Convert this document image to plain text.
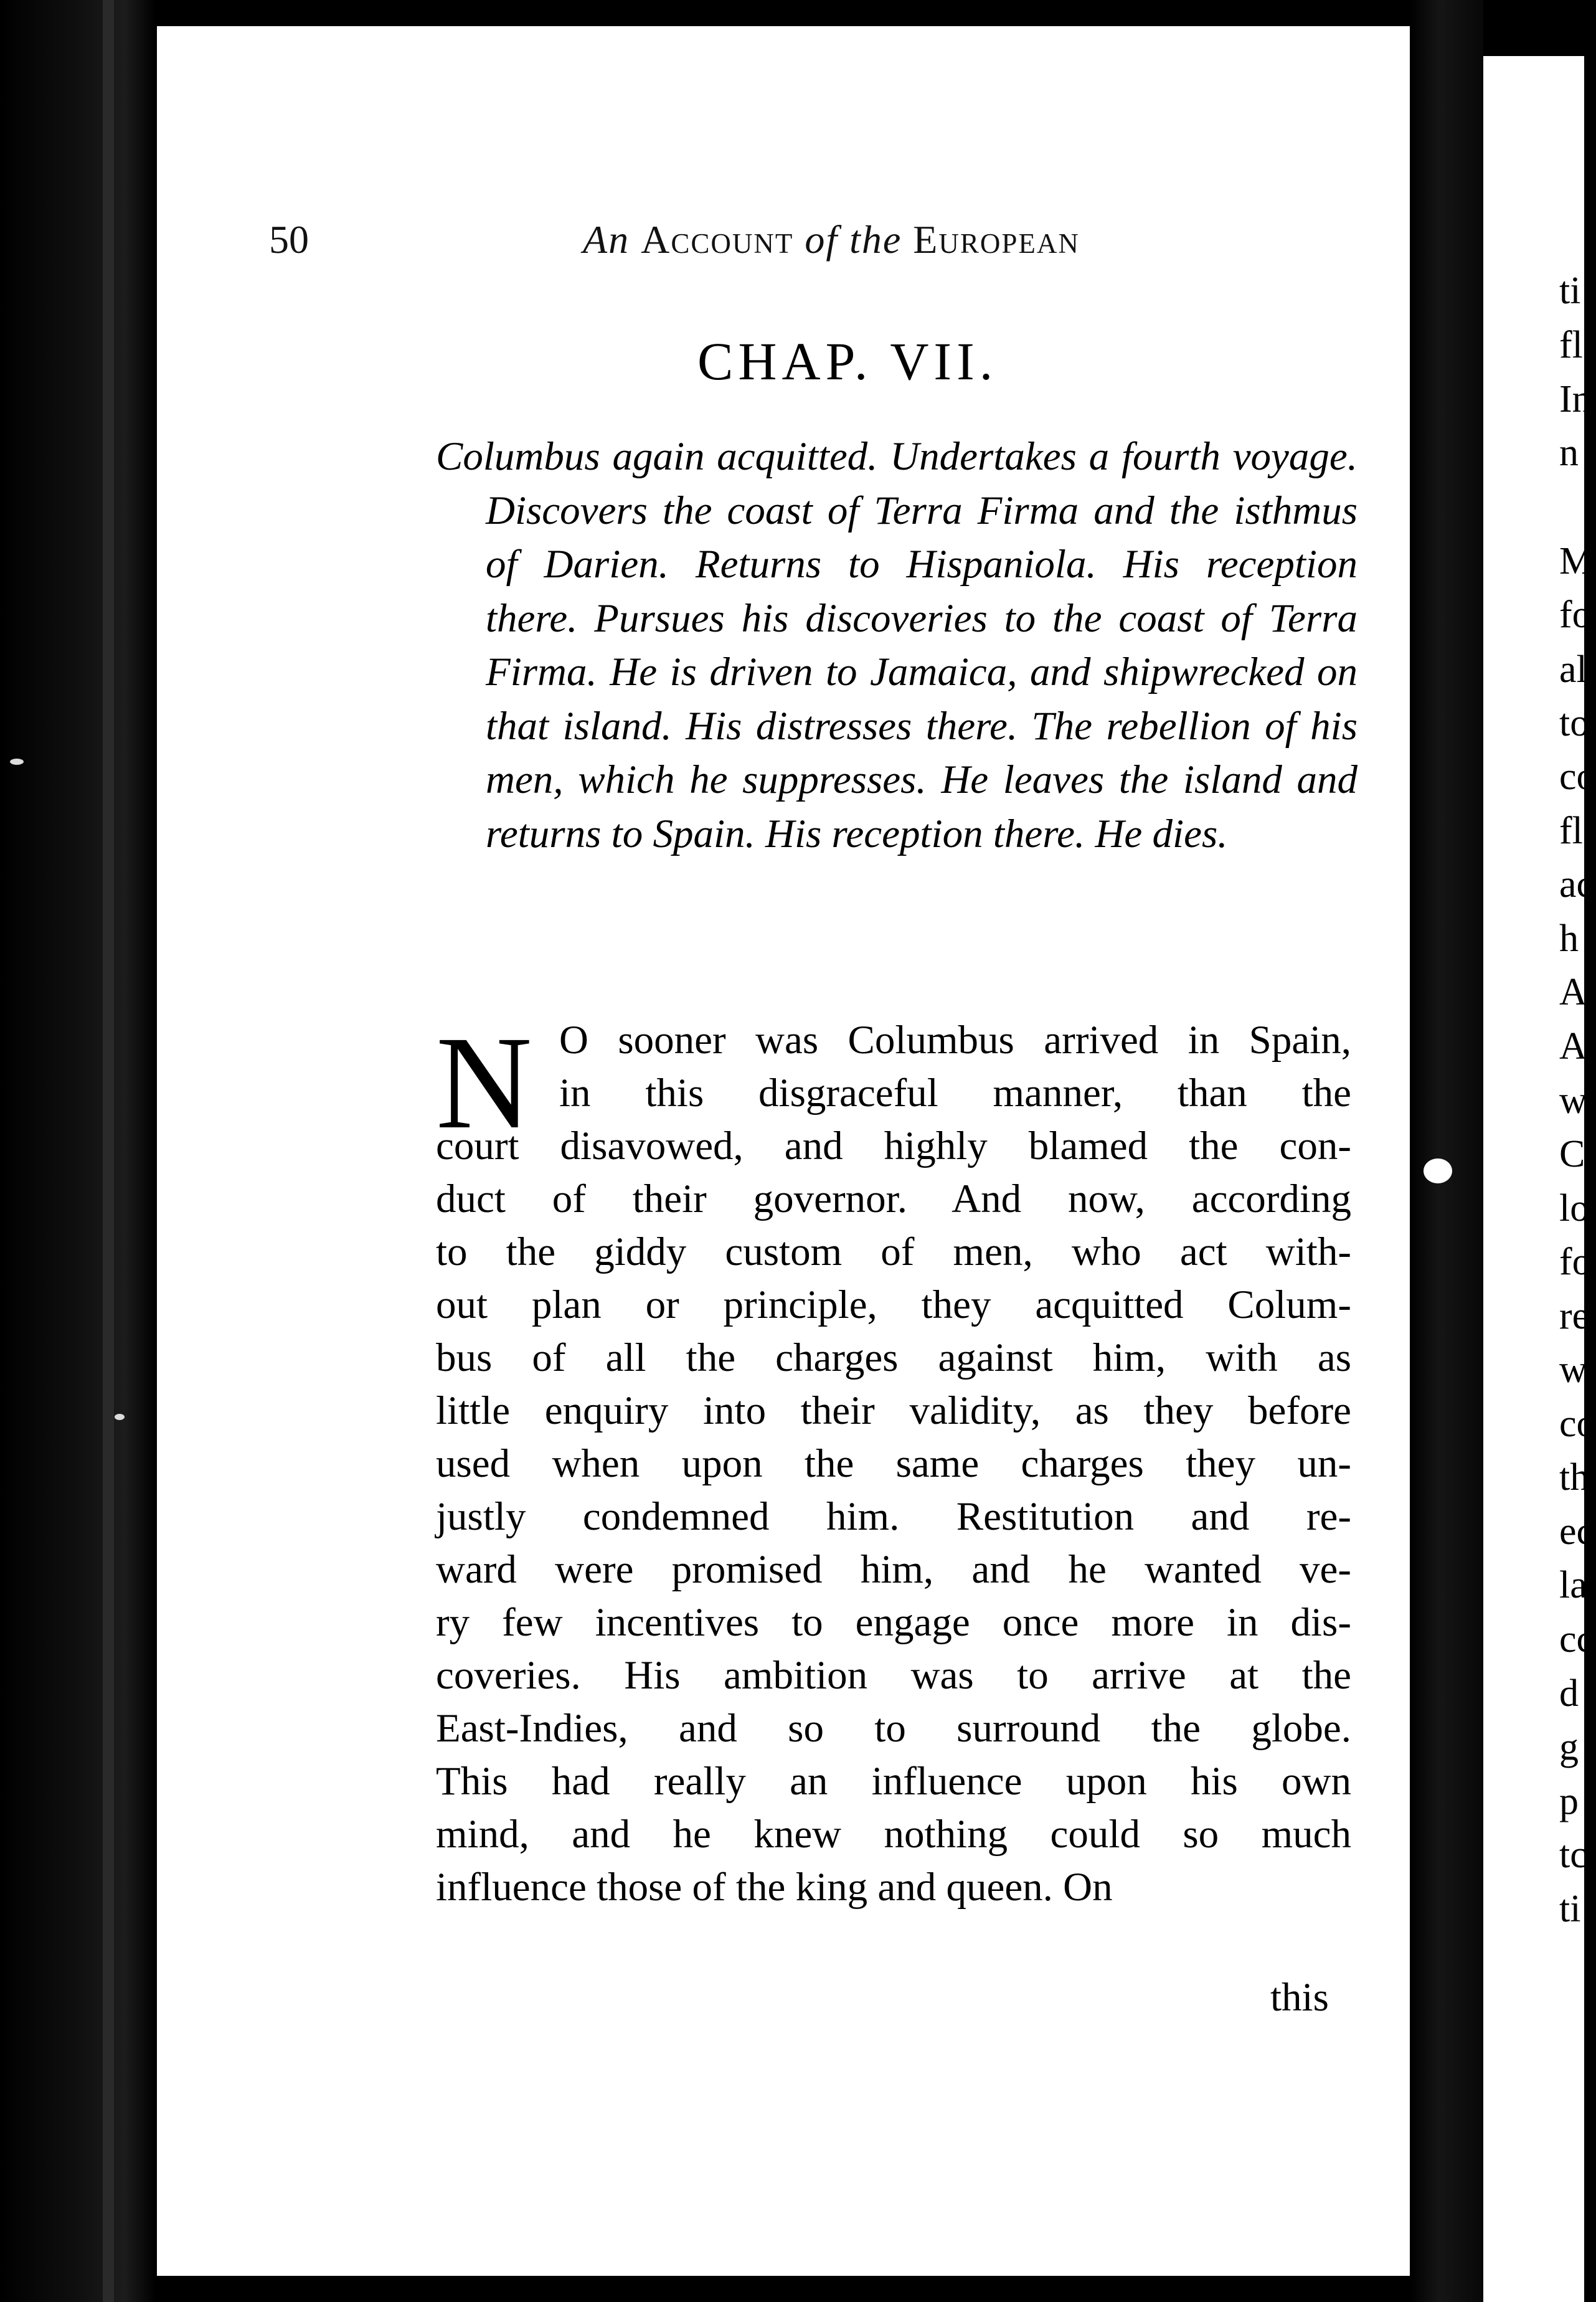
50	An Account of the European
CHAP. VII.
Columbus again acquitted. Undertakes a fourth voyage. Discovers the coast of Terra Firma and the isthmus of Darien. Returns to Hispaniola. His reception there. Pursues his discoveries to the coast of Terra Firma. He is driven to Jamaica, and shipwrecked on that island. His distresses there. The rebellion of his men, which he suppresses. He leaves the island and returns to Spain. His reception there. He dies.
N O sooner was Columbus arrived in Spain,
in this disgraceful manner, than the
court disavowed, and highly blamed the con-
duct of their governor. And now, according
to the giddy custom of men, who act with-
out plan or principle, they acquitted Colum-
bus of all the charges against him, with as
little enquiry into their validity, as they before
used when upon the same charges they un-
justly condemned him. Restitution and re-
ward were promised him, and he wanted ve-
ry few incentives to engage once more in dis-
coveries. His ambition was to arrive at the
East-Indies, and so to surround the globe.
This had really an influence upon his own
mind, and he knew nothing could so much
influence those of the king and queen. On
this
ti
fl
In
n
M
fo
al
to
co
fl
ac
h
A
A
w
C
lo
fo
re
w
co
th
ec
la
cc
d
g
p
tc
ti
